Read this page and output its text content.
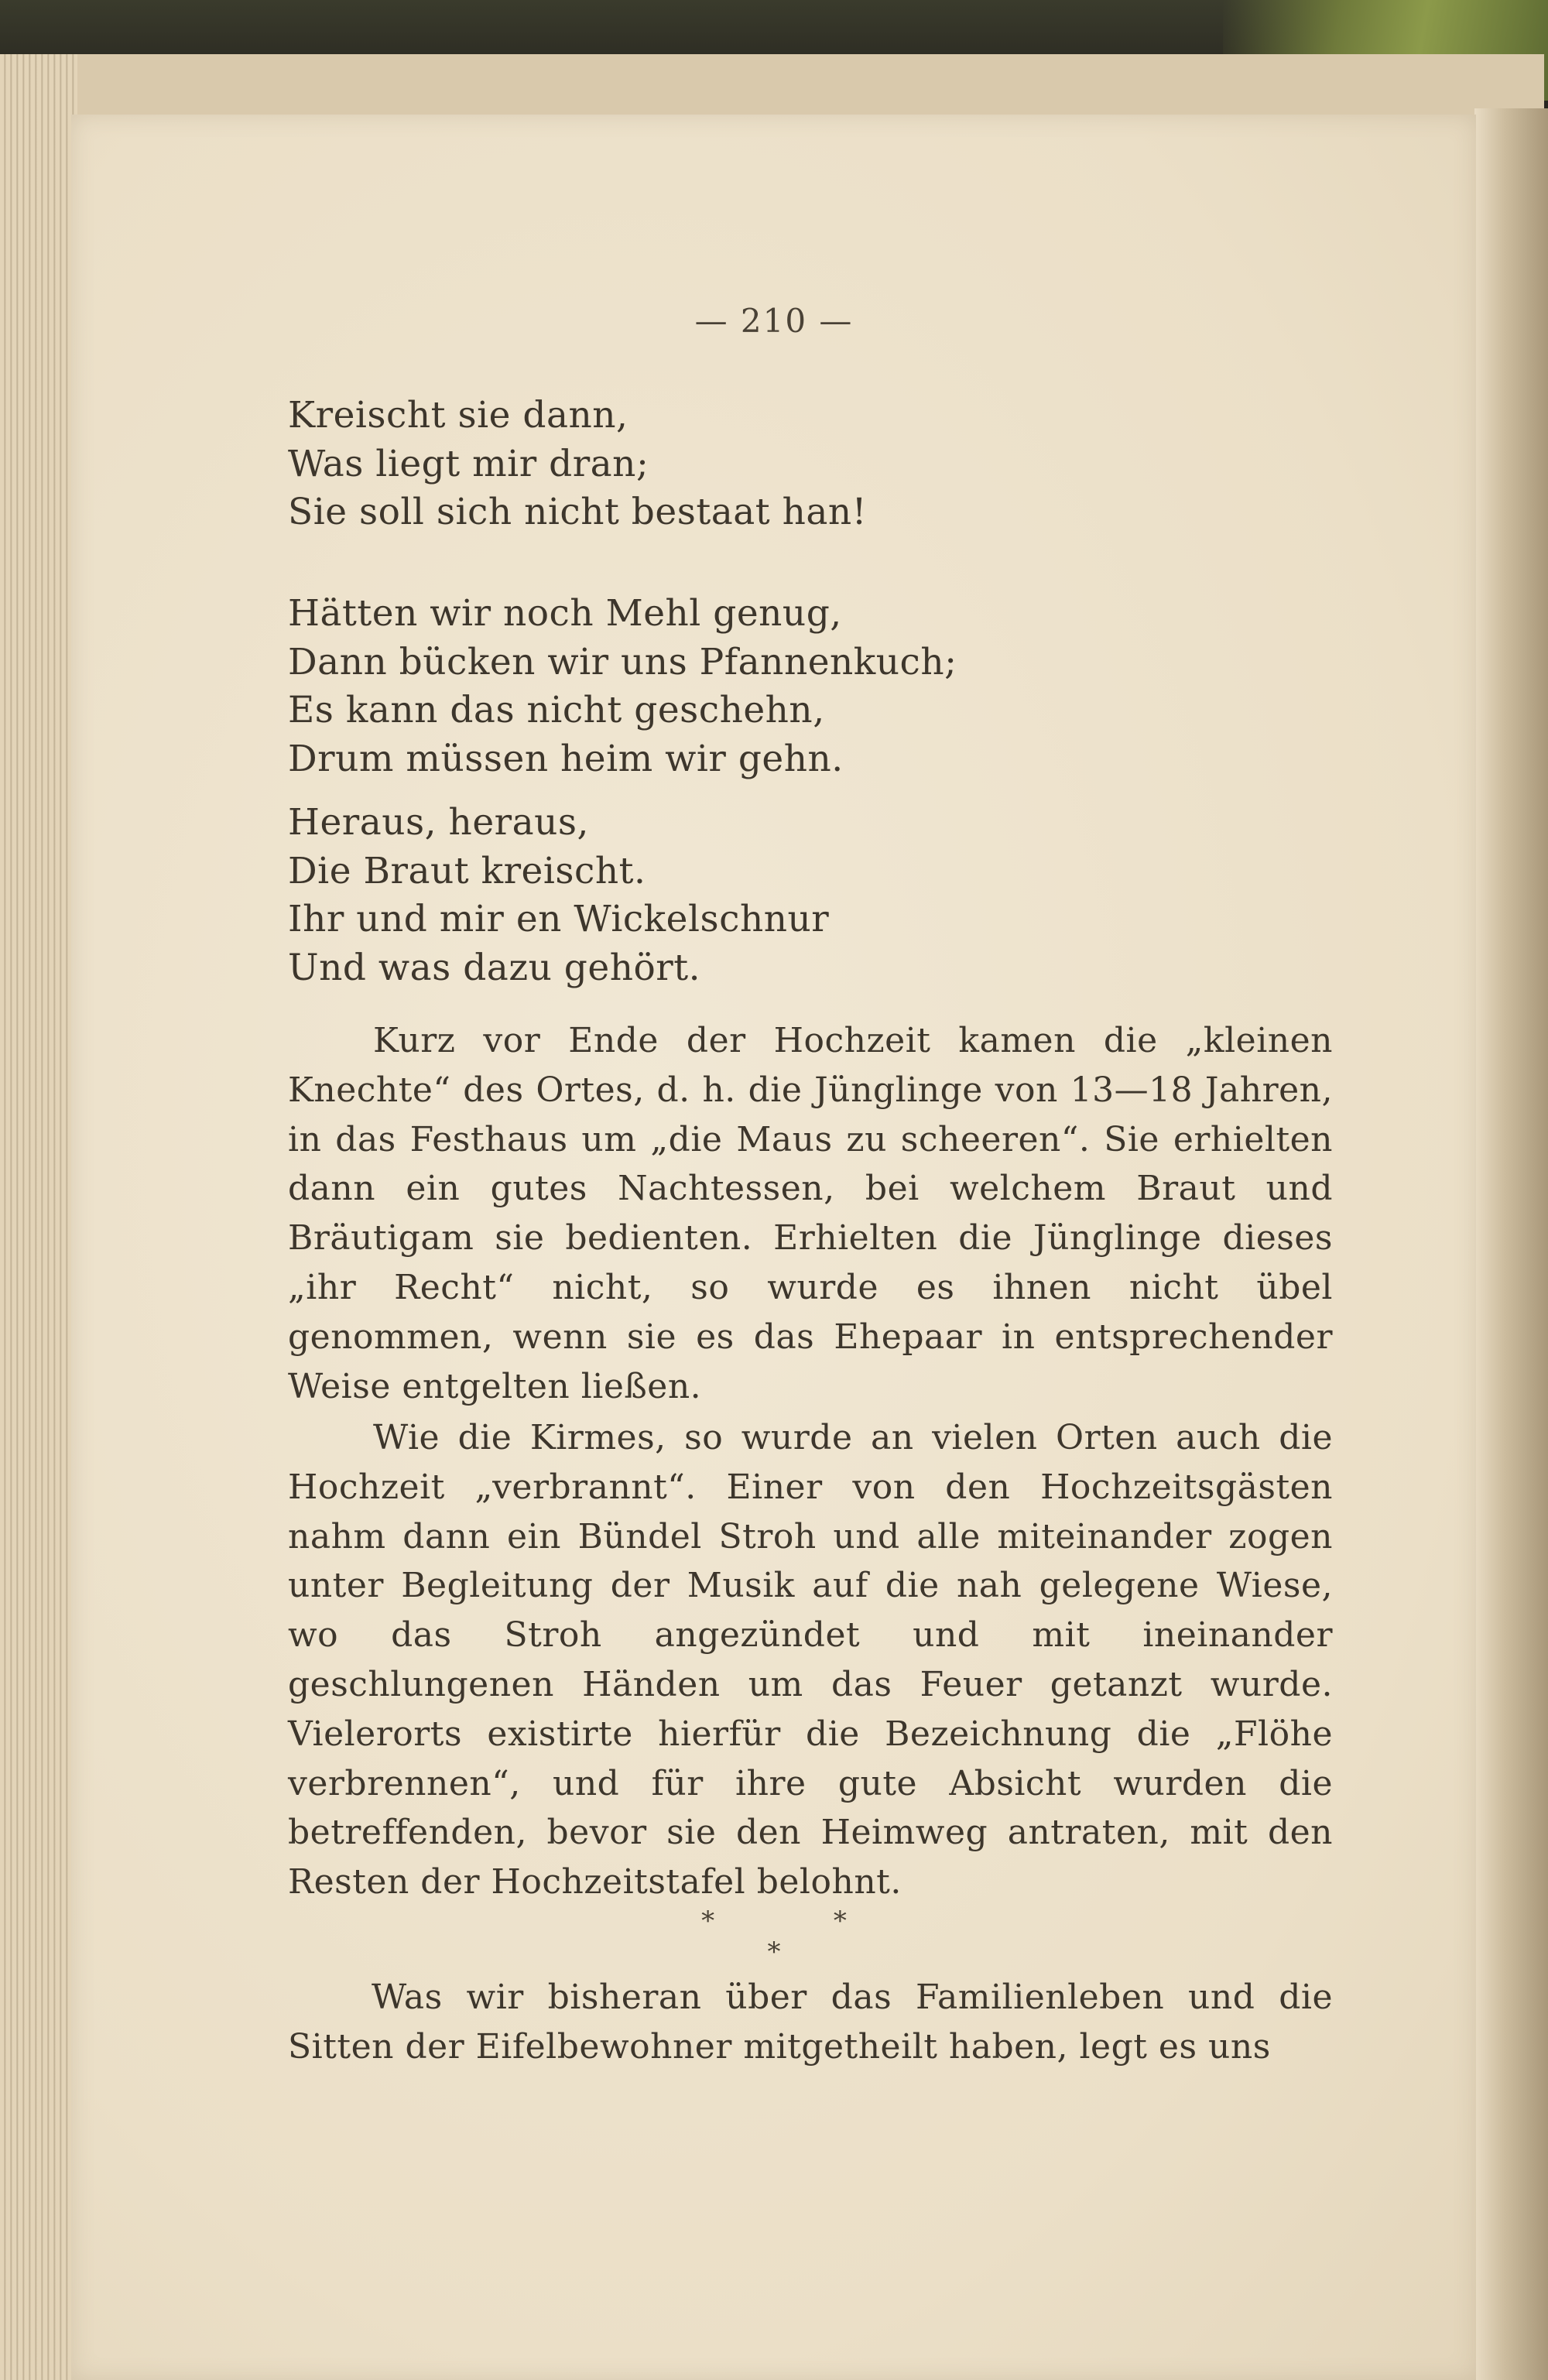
— 210 —
Kreischt sie dann,
Was liegt mir dran;
Sie soll sich nicht bestaat han!
Hätten wir noch Mehl genug,
Dann bücken wir uns Pfannenkuch;
Es kann das nicht geschehn,
Drum müssen heim wir gehn.
Heraus, heraus,
Die Braut kreischt.
Ihr und mir en Wickelschnur
Und was dazu gehört.

Kurz vor Ende der Hochzeit kamen die „kleinen Knechte“ des Ortes, d. h. die Jünglinge von 13—18 Jahren, in das Festhaus um „die Maus zu scheeren“. Sie erhielten dann ein gutes Nachtessen, bei welchem Braut und Bräutigam sie bedienten. Erhielten die Jünglinge dieses „ihr Recht“ nicht, so wurde es ihnen nicht übel genommen, wenn sie es das Ehepaar in entsprechender Weise entgelten ließen.

Wie die Kirmes, so wurde an vielen Orten auch die Hochzeit „verbrannt“. Einer von den Hochzeitsgästen nahm dann ein Bündel Stroh und alle miteinander zogen unter Begleitung der Musik auf die nah gelegene Wiese, wo das Stroh angezündet und mit ineinander geschlungenen Händen um das Feuer getanzt wurde. Vielerorts existirte hierfür die Bezeichnung die „Flöhe verbrennen“, und für ihre gute Absicht wurden die betreffenden, bevor sie den Heimweg antraten, mit den Resten der Hochzeitstafel belohnt.

*	*
*

Was wir bisheran über das Familienleben und die Sitten der Eifelbewohner mitgetheilt haben, legt es uns
